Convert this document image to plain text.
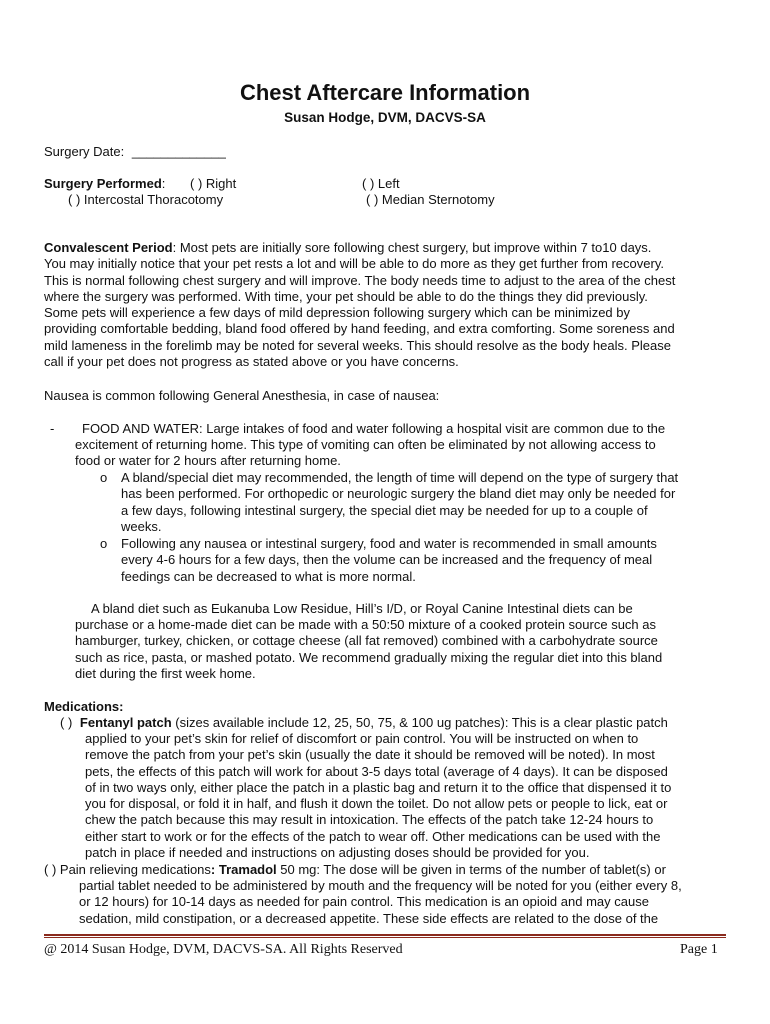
Chest Aftercare Information
Susan Hodge, DVM, DACVS-SA
Surgery Date: _____________
Surgery Performed: ( ) Right	( ) Left
( ) Intercostal Thoracotomy	( ) Median Sternotomy
Convalescent Period: Most pets are initially sore following chest surgery, but improve within 7 to10 days.
You may initially notice that your pet rests a lot and will be able to do more as they get further from recovery.
This is normal following chest surgery and will improve. The body needs time to adjust to the area of the chest
where the surgery was performed. With time, your pet should be able to do the things they did previously.
Some pets will experience a few days of mild depression following surgery which can be minimized by
providing comfortable bedding, bland food offered by hand feeding, and extra comforting. Some soreness and
mild lameness in the forelimb may be noted for several weeks. This should resolve as the body heals. Please
call if your pet does not progress as stated above or you have concerns.
Nausea is common following General Anesthesia, in case of nausea:
- FOOD AND WATER: Large intakes of food and water following a hospital visit are common due to the
excitement of returning home. This type of vomiting can often be eliminated by not allowing access to
food or water for 2 hours after returning home.
o A bland/special diet may recommended, the length of time will depend on the type of surgery that
has been performed. For orthopedic or neurologic surgery the bland diet may only be needed for
a few days, following intestinal surgery, the special diet may be needed for up to a couple of
weeks.
o Following any nausea or intestinal surgery, food and water is recommended in small amounts
every 4-6 hours for a few days, then the volume can be increased and the frequency of meal
feedings can be decreased to what is more normal.
A bland diet such as Eukanuba Low Residue, Hill’s I/D, or Royal Canine Intestinal diets can be
purchase or a home-made diet can be made with a 50:50 mixture of a cooked protein source such as
hamburger, turkey, chicken, or cottage cheese (all fat removed) combined with a carbohydrate source
such as rice, pasta, or mashed potato. We recommend gradually mixing the regular diet into this bland
diet during the first week home.
Medications:
( ) Fentanyl patch (sizes available include 12, 25, 50, 75, & 100 ug patches): This is a clear plastic patch
applied to your pet’s skin for relief of discomfort or pain control. You will be instructed on when to
remove the patch from your pet’s skin (usually the date it should be removed will be noted). In most
pets, the effects of this patch will work for about 3-5 days total (average of 4 days). It can be disposed
of in two ways only, either place the patch in a plastic bag and return it to the office that dispensed it to
you for disposal, or fold it in half, and flush it down the toilet. Do not allow pets or people to lick, eat or
chew the patch because this may result in intoxication. The effects of the patch take 12-24 hours to
either start to work or for the effects of the patch to wear off. Other medications can be used with the
patch in place if needed and instructions on adjusting doses should be provided for you.
( ) Pain relieving medications: Tramadol 50 mg: The dose will be given in terms of the number of tablet(s) or
partial tablet needed to be administered by mouth and the frequency will be noted for you (either every 8,
or 12 hours) for 10-14 days as needed for pain control. This medication is an opioid and may cause
sedation, mild constipation, or a decreased appetite. These side effects are related to the dose of the
@ 2014 Susan Hodge, DVM, DACVS-SA. All Rights Reserved	Page 1
